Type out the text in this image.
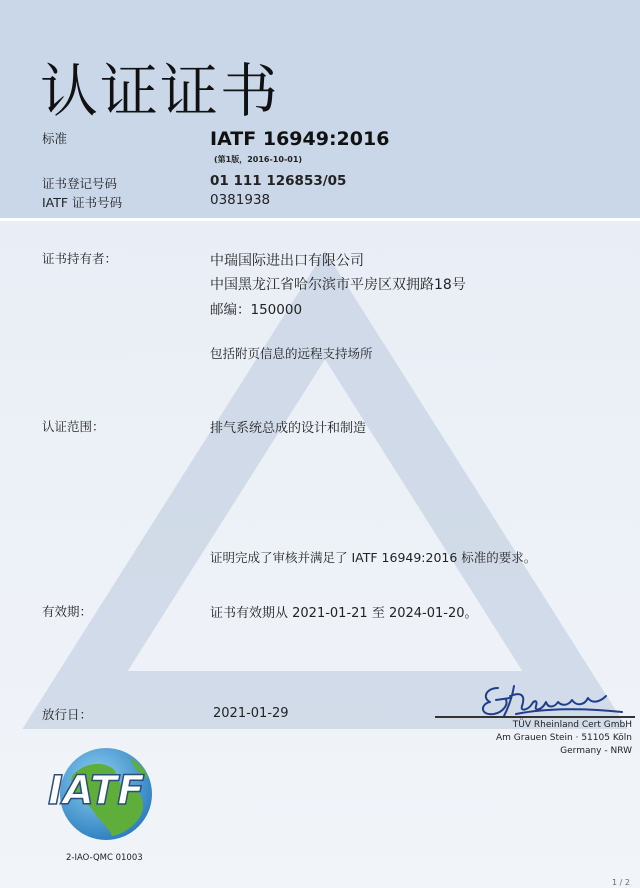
认证证书
标准	IATF 16949:2016
(第1版，2016-10-01)
证书登记号码	01 111 126853/05
IATF 证书号码	0381938
证书持有者：	中瑞国际进出口有限公司
中国黑龙江省哈尔滨市平房区双拥路18号
邮编：150000
包括附页信息的远程支持场所
认证范围：	排气系统总成的设计和制造
证明完成了审核并满足了 IATF 16949:2016 标准的要求。
有效期：	证书有效期从 2021-01-21 至 2024-01-20。
放行日：	2021-01-29
TÜV Rheinland Cert GmbH
Am Grauen Stein · 51105 Köln
Germany - NRW
IATF
2-IAO-QMC 01003
1 / 2
